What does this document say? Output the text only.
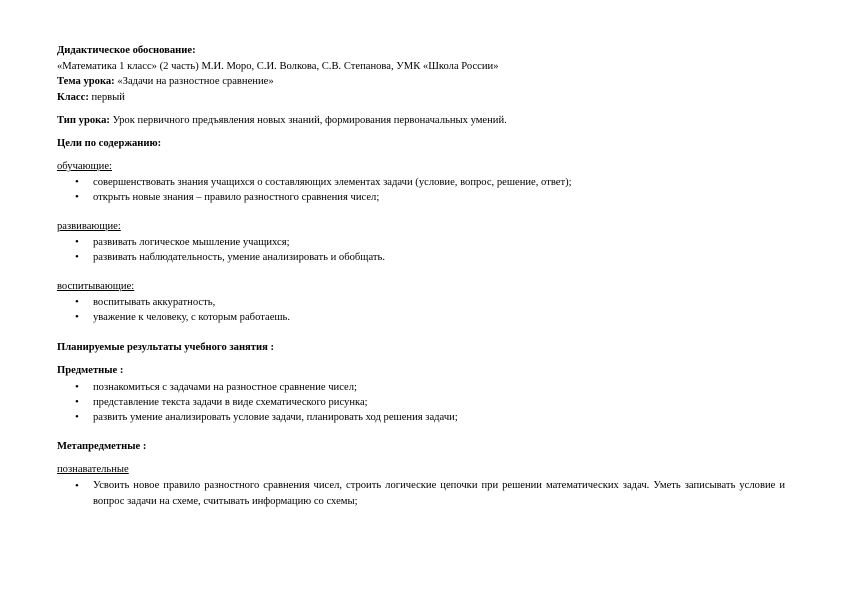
Дидактическое обоснование:
«Математика 1 класс» (2 часть) М.И. Моро, С.И. Волкова, С.В. Степанова, УМК «Школа России»
Тема урока: «Задачи на разностное сравнение»
Класс: первый
Тип урока: Урок первичного предъявления новых знаний, формирования первоначальных умений.
Цели по содержанию:
обучающие:
• совершенствовать знания учащихся о составляющих элементах задачи (условие, вопрос, решение, ответ);
• открыть новые знания – правило разностного сравнения чисел;
развивающие:
• развивать логическое мышление учащихся;
• развивать наблюдательность, умение анализировать и обобщать.
воспитывающие:
• воспитывать аккуратность,
• уважение к человеку, с которым работаешь.
Планируемые результаты учебного занятия :
Предметные :
• познакомиться с задачами на разностное сравнение чисел;
• представление текста задачи в виде схематического рисунка;
• развить умение анализировать условие задачи, планировать ход решения задачи;
Метапредметные :
познавательные
• Усвоить новое правило разностного сравнения чисел, строить логические цепочки при решении математических задач. Уметь записывать условие и вопрос задачи на схеме, считывать информацию со схемы;
